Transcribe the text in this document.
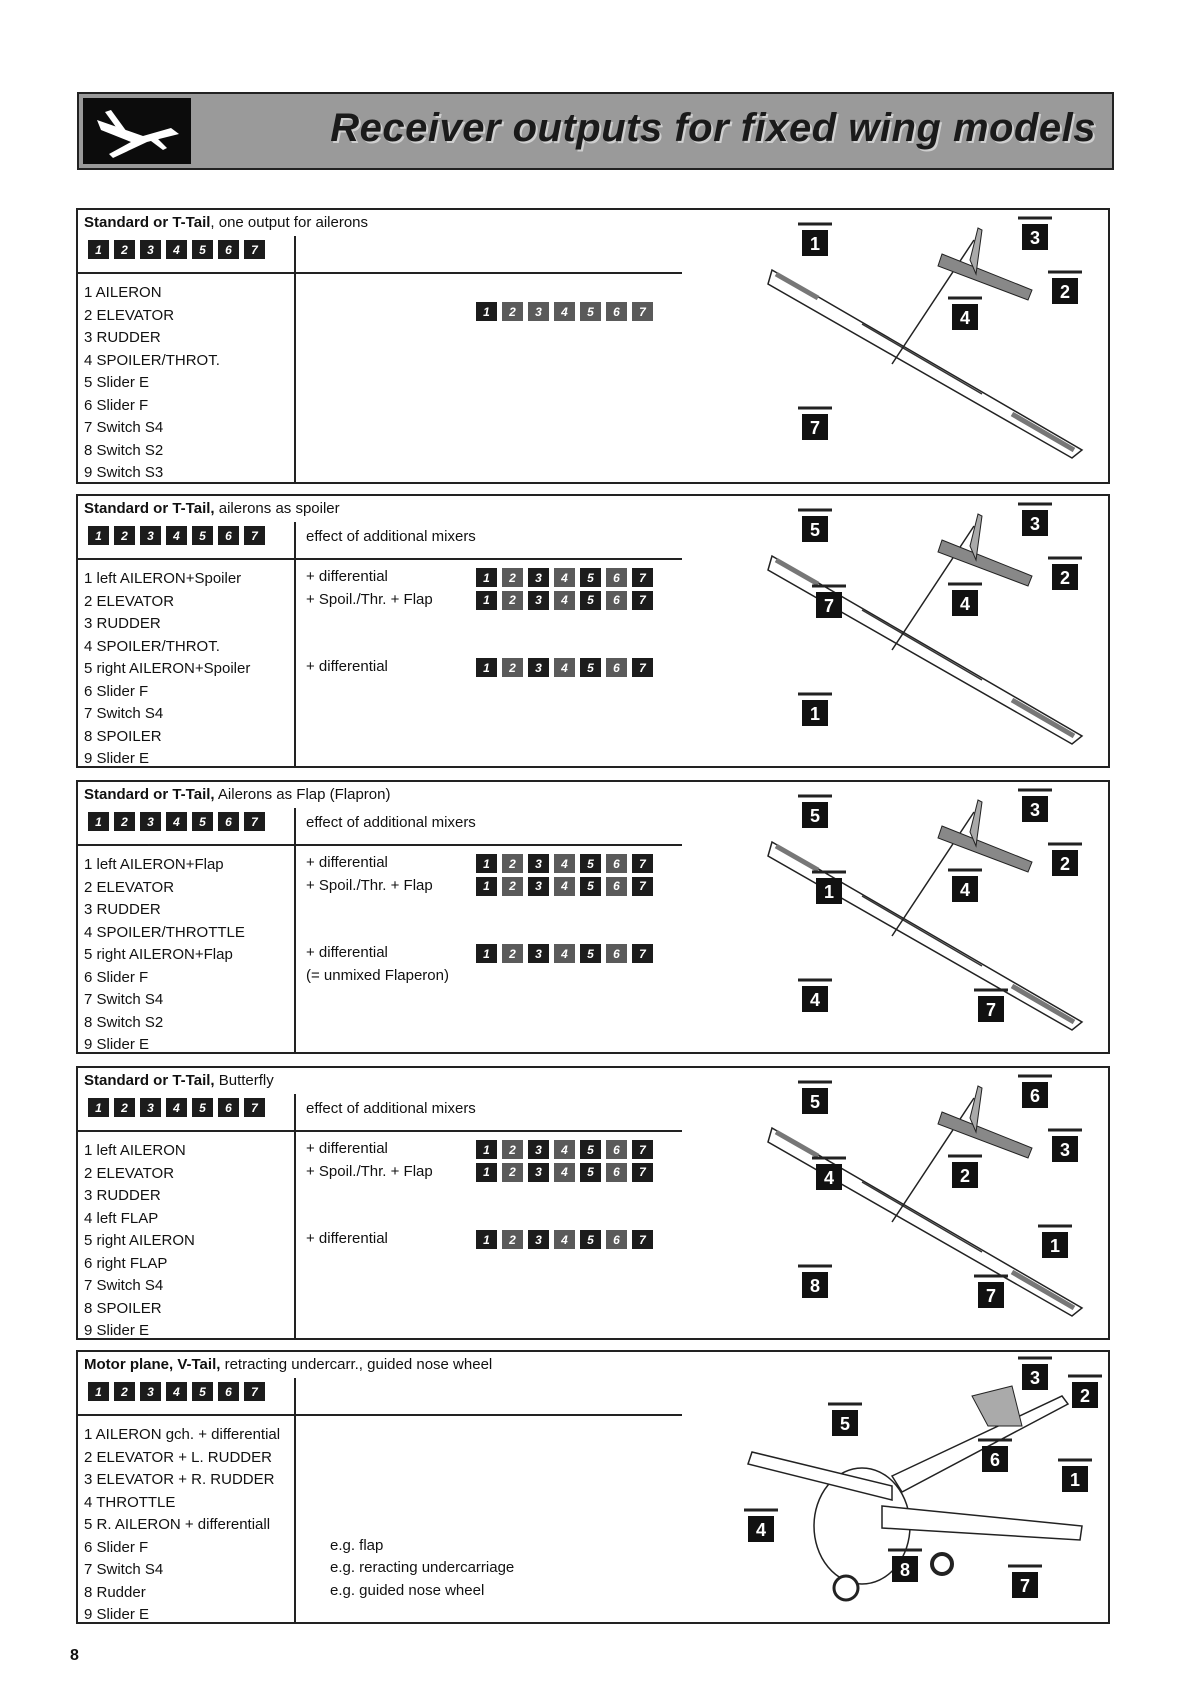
Receiver outputs for fixed wing models
Standard or T-Tail, one output for ailerons
1	2	3	4	5	6	7
1 AILERON
2 ELEVATOR
3 RUDDER
4 SPOILER/THROT.
5 Slider E
6 Slider F
7 Switch S4
8 Switch S2
9 Switch S3
1	2	3	4	5	6	7
1	3
2
4
7
Standard or T-Tail, ailerons as spoiler
1	2	3	4	5	6	7	effect of additional mixers
1 left AILERON+Spoiler
2 ELEVATOR
3 RUDDER
4 SPOILER/THROT.
5 right AILERON+Spoiler
6 Slider F
7 Switch S4
8 SPOILER
9 Slider E
+ differential	1	2	3	4	5	6	7
+ Spoil./Thr. + Flap	1	2	3	4	5	6	7
+ differential	1	2	3	4	5	6	7
5	3
2
4
1
7
Standard or T-Tail, Ailerons as Flap (Flapron)
1	2	3	4	5	6	7	effect of additional mixers
1 left AILERON+Flap
2 ELEVATOR
3 RUDDER
4 SPOILER/THROTTLE
5 right AILERON+Flap
6 Slider F
7 Switch S4
8 Switch S2
9 Slider E
+ differential	1	2	3	4	5	6	7
+ Spoil./Thr. + Flap	1	2	3	4	5	6	7
+ differential	1	2	3	4	5	6	7
(= unmixed Flaperon)
5	3
2
4
4
1
7
Standard or T-Tail, Butterfly
1	2	3	4	5	6	7	effect of additional mixers
1 left AILERON
2 ELEVATOR
3 RUDDER
4 left FLAP
5 right AILERON
6 right FLAP
7 Switch S4
8 SPOILER
9 Slider E
+ differential	1	2	3	4	5	6	7
+ Spoil./Thr. + Flap	1	2	3	4	5	6	7
+ differential	1	2	3	4	5	6	7
5	6
3
2
8
4
7
1
Motor plane, V-Tail, retracting undercarr., guided nose wheel
1	2	3	4	5	6	7
1 AILERON gch. + differential
2 ELEVATOR + L. RUDDER
3 ELEVATOR + R. RUDDER
4 THROTTLE
5 R. AILERON + differentiall
6 Slider F
7 Switch S4
8 Rudder
9 Slider E
e.g. flap
e.g. reracting undercarriage
e.g. guided nose wheel
3
2
5
6
1
4
8
7
8
